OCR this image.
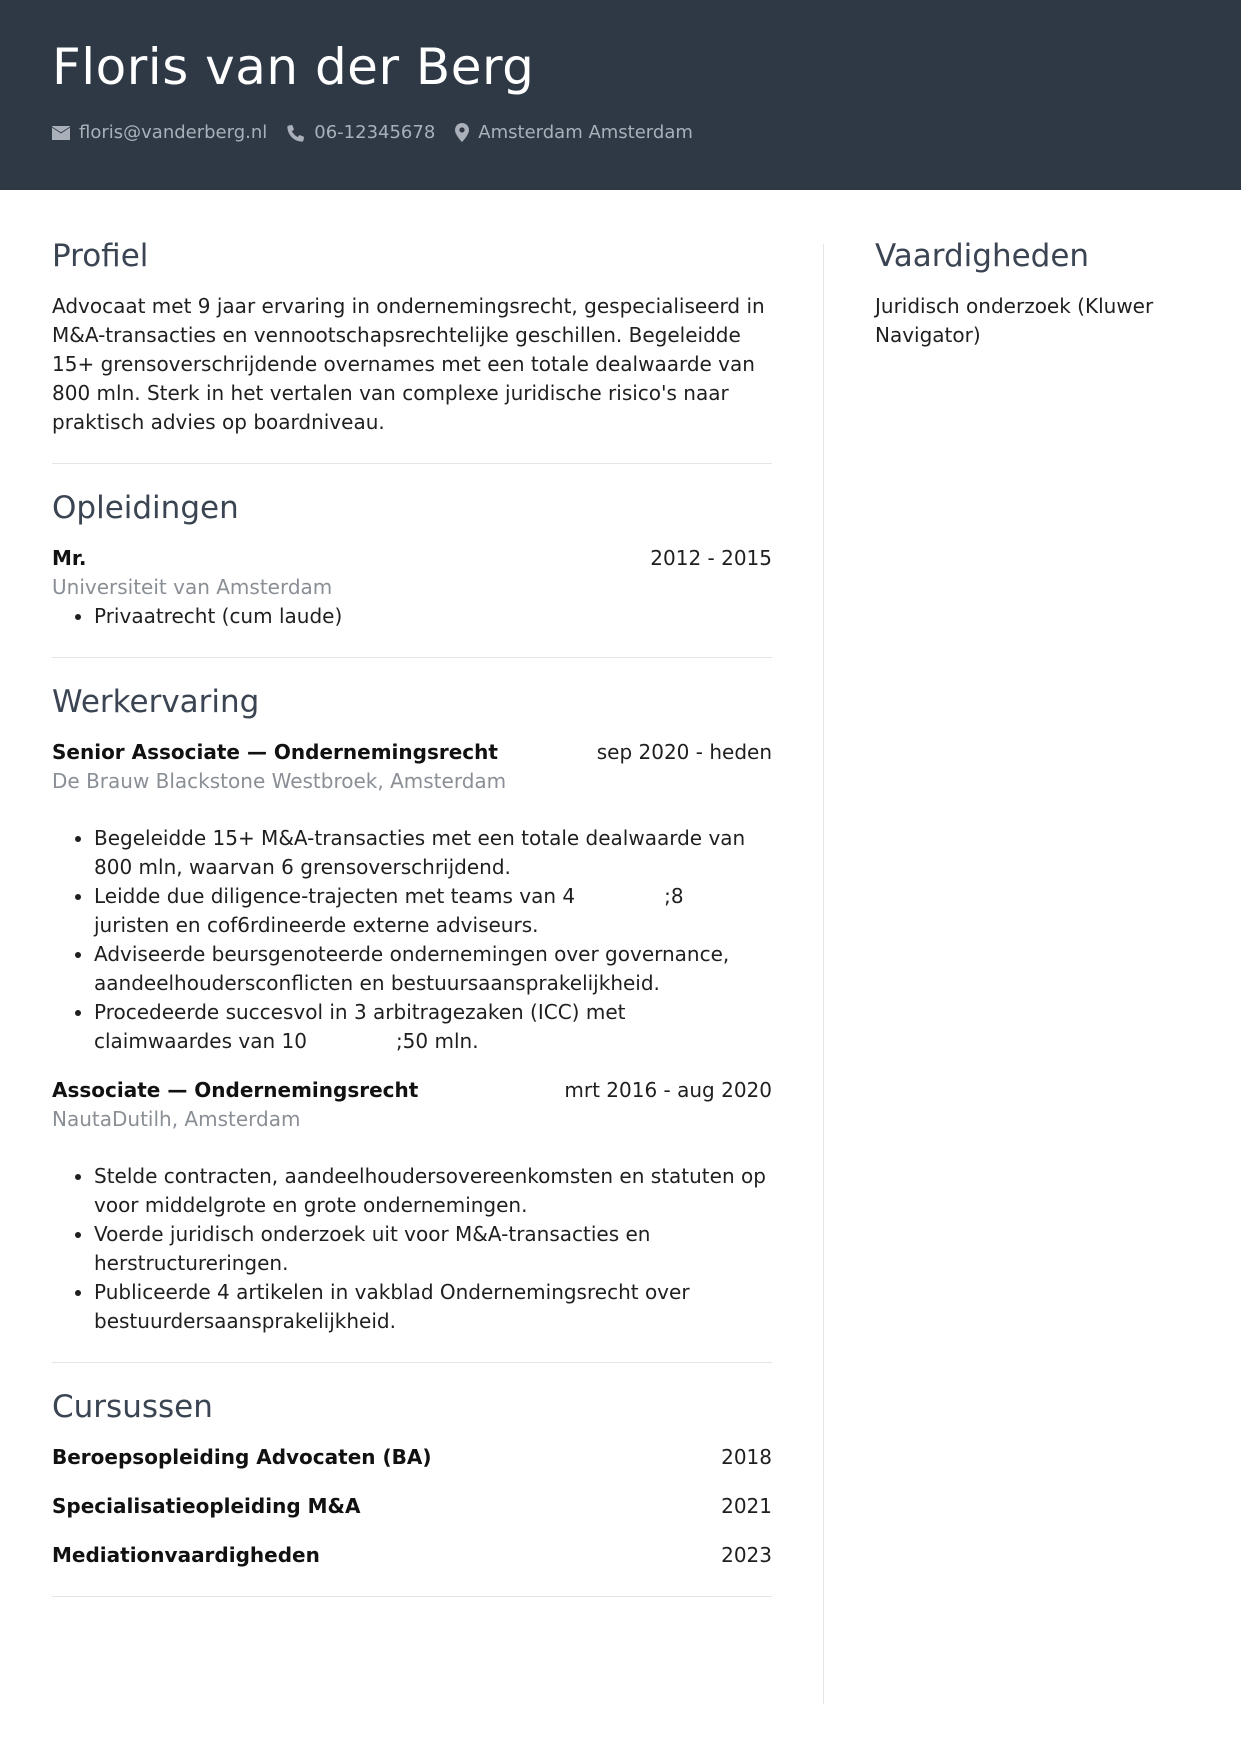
Floris van der Berg
floris@vanderberg.nl	06-12345678 Amsterdam Amsterdam
Profiel

Advocaat met 9 jaar ervaring in ondernemingsrecht, gespecialiseerd in M&A-transacties en vennootschapsrechtelijke geschillen. Begeleidde 15+ grensoverschrijdende overnames met een totale dealwaarde van 800 mln. Sterk in het vertalen van complexe juridische risico's naar praktisch advies op boardniveau.

Opleidingen
Mr.	2012 - 2015
Universiteit van Amsterdam
• Privaatrecht (cum laude)
Werkervaring
Senior Associate — Ondernemingsrecht	sep 2020 - heden
De Brauw Blackstone Westbroek, Amsterdam
• Begeleidde 15+ M&A-transacties met een totale dealwaarde van 800 mln, waarvan 6 grensoverschrijdend.
• Leidde due diligence-trajecten met teams van 4              ;8 juristen en cof6rdineerde externe adviseurs.
• Adviseerde beursgenoteerde ondernemingen over governance, aandeelhoudersconflicten en bestuursaansprakelijkheid.
• Procedeerde succesvol in 3 arbitragezaken (ICC) met claimwaardes van 10              ;50 mln.
Associate — Ondernemingsrecht	mrt 2016 - aug 2020
NautaDutilh, Amsterdam
• Stelde contracten, aandeelhoudersovereenkomsten en statuten op voor middelgrote en grote ondernemingen.
• Voerde juridisch onderzoek uit voor M&A-transacties en herstructureringen.
• Publiceerde 4 artikelen in vakblad Ondernemingsrecht over bestuurdersaansprakelijkheid.
Cursussen
Beroepsopleiding Advocaten (BA)	2018
Specialisatieopleiding M&A	2021
Mediationvaardigheden	2023
Vaardigheden

Juridisch onderzoek (Kluwer Navigator)
